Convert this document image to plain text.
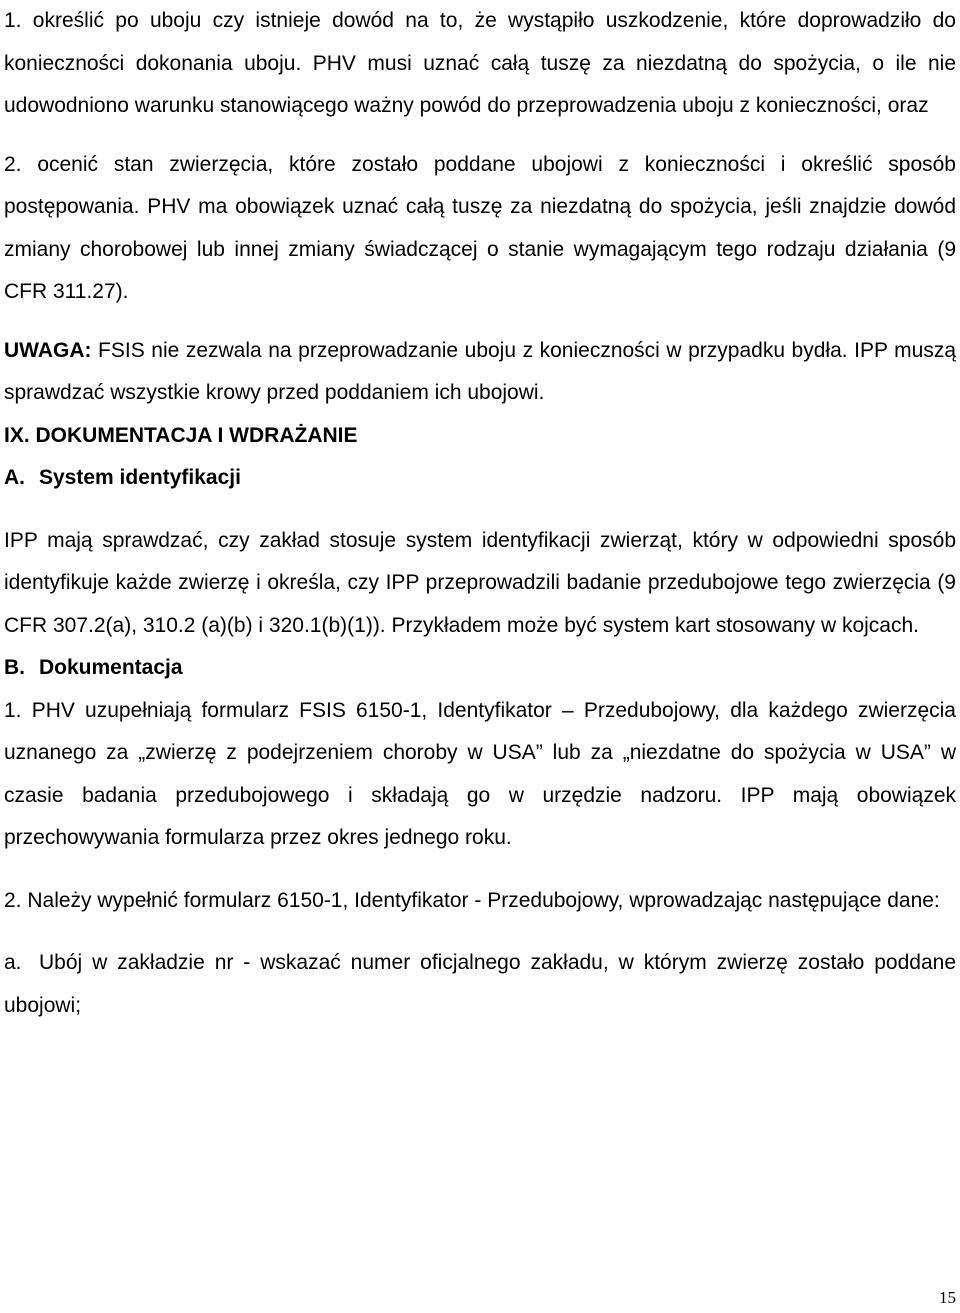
1. określić po uboju czy istnieje dowód na to, że wystąpiło uszkodzenie, które doprowadziło do konieczności dokonania uboju. PHV musi uznać całą tuszę za niezdatną do spożycia, o ile nie udowodniono warunku stanowiącego ważny powód do przeprowadzenia uboju z konieczności, oraz

2. ocenić stan zwierzęcia, które zostało poddane ubojowi z konieczności i określić sposób postępowania. PHV ma obowiązek uznać całą tuszę za niezdatną do spożycia, jeśli znajdzie dowód zmiany chorobowej lub innej zmiany świadczącej o stanie wymagającym tego rodzaju działania (9 CFR 311.27).

UWAGA: FSIS nie zezwala na przeprowadzanie uboju z konieczności w przypadku bydła. IPP muszą sprawdzać wszystkie krowy przed poddaniem ich ubojowi.

IX. DOKUMENTACJA I WDRAŻANIE

A. System identyfikacji

IPP mają sprawdzać, czy zakład stosuje system identyfikacji zwierząt, który w odpowiedni sposób identyfikuje każde zwierzę i określa, czy IPP przeprowadzili badanie przedubojowe tego zwierzęcia (9 CFR 307.2(a), 310.2 (a)(b) i 320.1(b)(1)). Przykładem może być system kart stosowany w kojcach.

B. Dokumentacja

1. PHV uzupełniają formularz FSIS 6150-1, Identyfikator – Przedubojowy, dla każdego zwierzęcia uznanego za „zwierzę z podejrzeniem choroby w USA” lub za „niezdatne do spożycia w USA” w czasie badania przedubojowego i składają go w urzędzie nadzoru. IPP mają obowiązek przechowywania formularza przez okres jednego roku.

2. Należy wypełnić formularz 6150-1, Identyfikator - Przedubojowy, wprowadzając następujące dane:

a. Ubój w zakładzie nr - wskazać numer oficjalnego zakładu, w którym zwierzę zostało poddane ubojowi;

15
